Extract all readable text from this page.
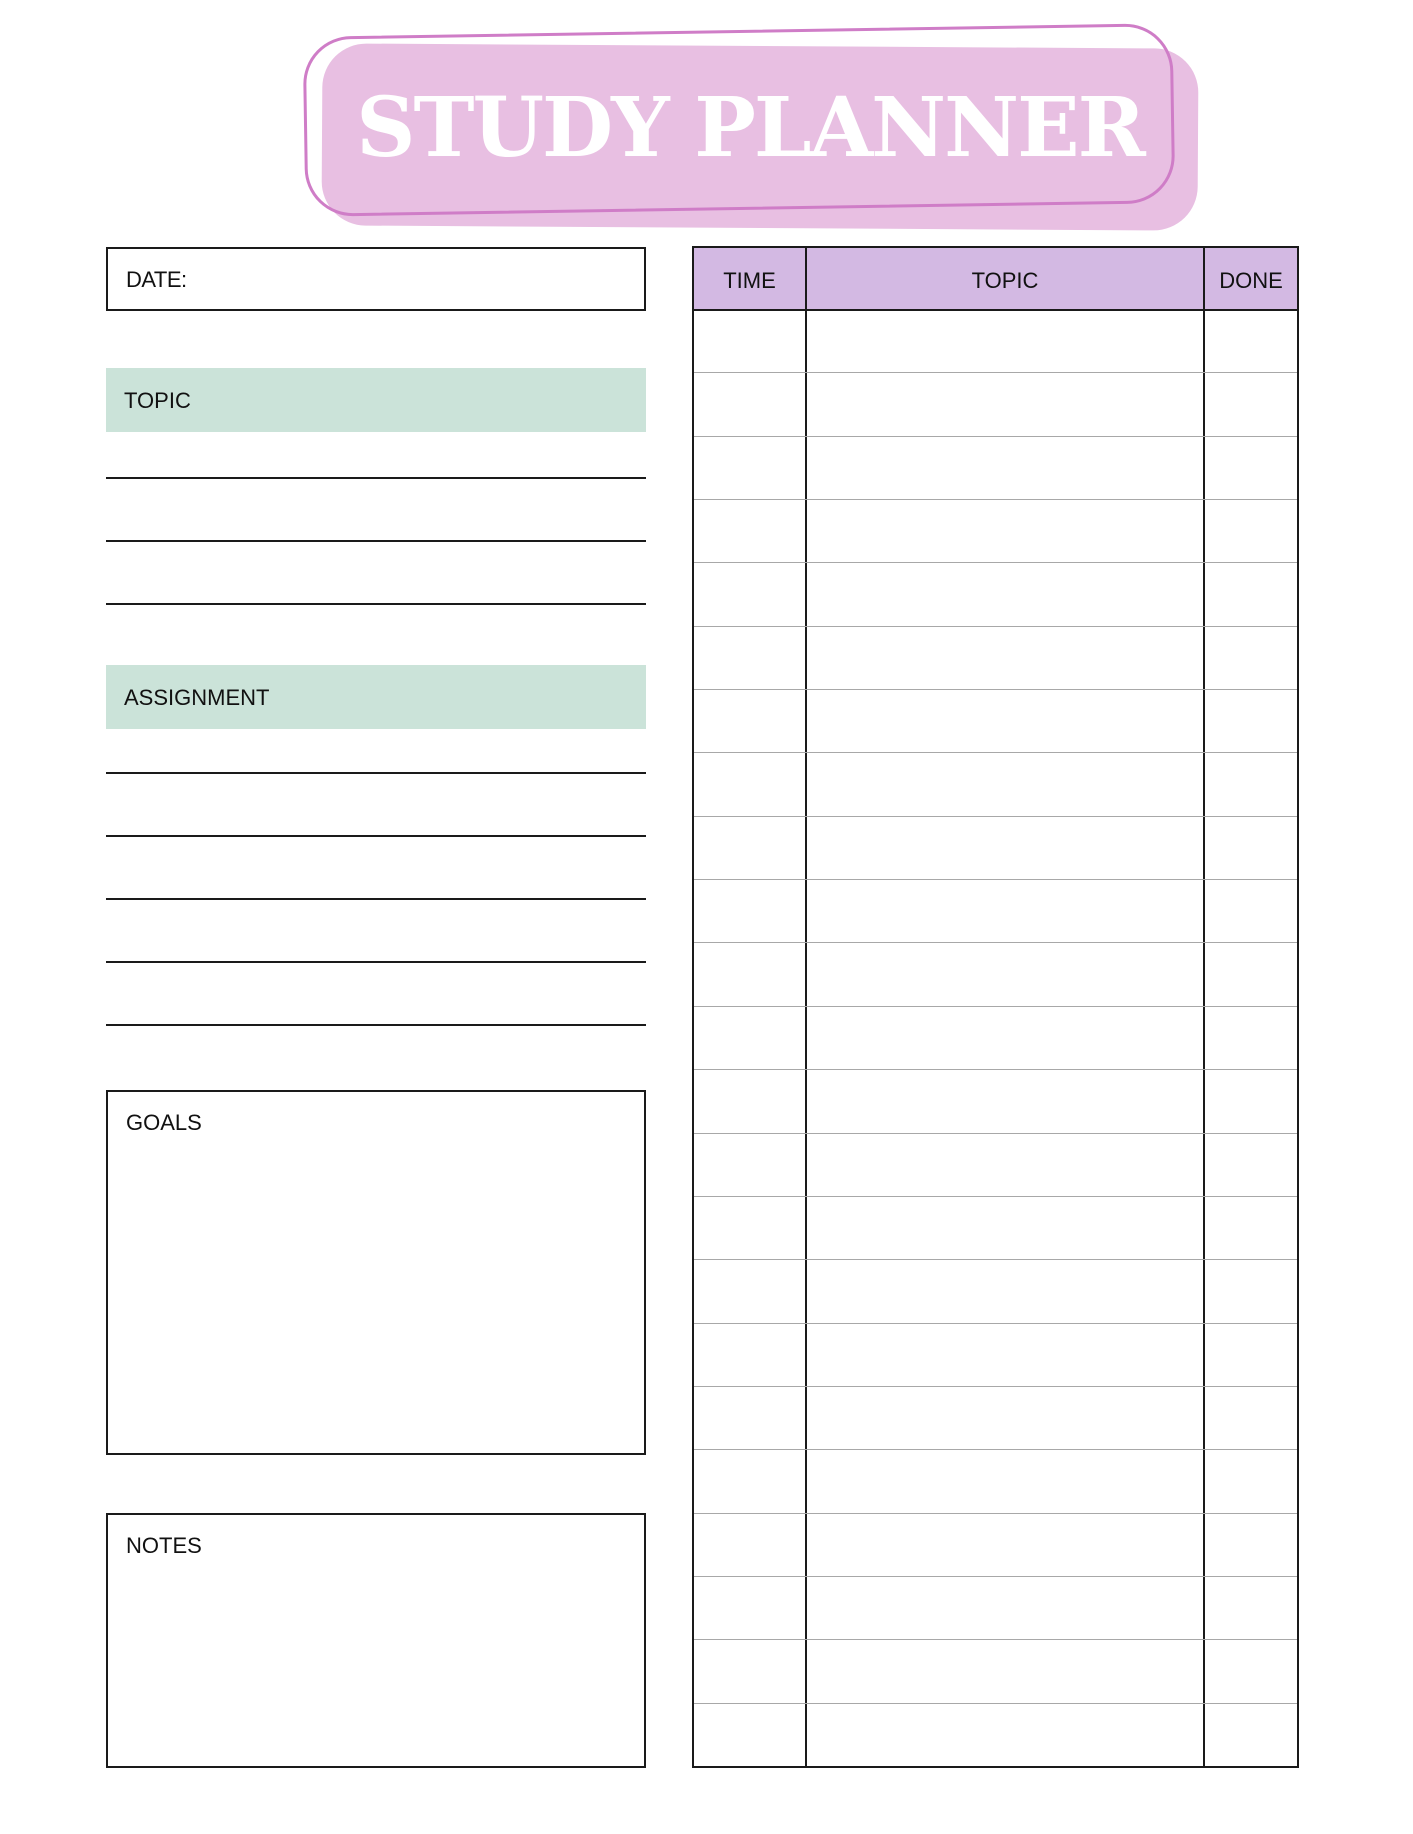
STUDY PLANNER
DATE:
TOPIC
ASSIGNMENT
GOALS
NOTES
TIME	TOPIC	DONE
